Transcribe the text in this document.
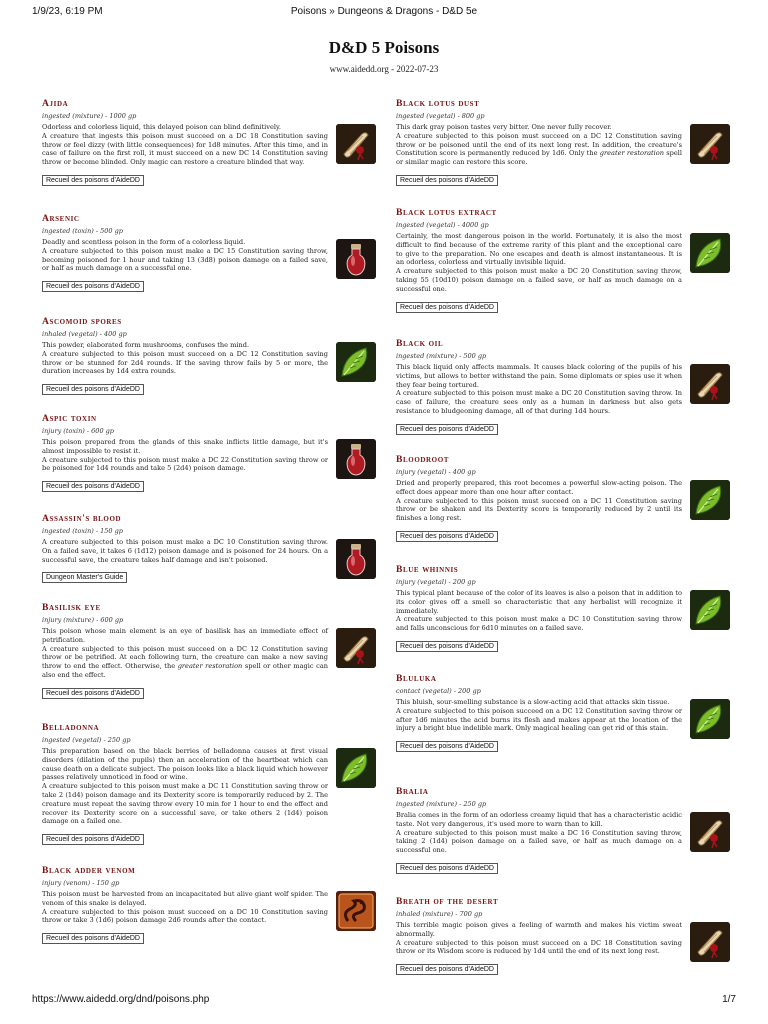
1/9/23, 6:19 PM	Poisons » Dungeons & Dragons - D&D 5e
D&D 5 Poisons
www.aidedd.org - 2022-07-23
Ajida
ingested (mixture) - 1000 gp

Odorless and colorless liquid, this delayed poison can blind definitively.
A creature that ingests this poison must succeed on a DC 18 Constitution saving throw or feel dizzy (with little consequences) for 1d8 minutes. After this time, and in case of failure on the first roll, it must succeed on a new DC 14 Constitution saving throw or become blinded. Only magic can restore a creature blinded that way.

Recueil des poisons d'AideDD
Arsenic
ingested (toxin) - 500 gp

Deadly and scentless poison in the form of a colorless liquid.
A creature subjected to this poison must make a DC 15 Constitution saving throw, becoming poisoned for 1 hour and taking 13 (3d8) poison damage on a failed save, or half as much damage on a successful one.

Recueil des poisons d'AideDD
Ascomoid spores
inhaled (vegetal) - 400 gp

This powder, elaborated form mushrooms, confuses the mind.
A creature subjected to this poison must succeed on a DC 12 Constitution saving throw or be stunned for 2d4 rounds. If the saving throw fails by 5 or more, the duration increases by 1d4 extra rounds.

Recueil des poisons d'AideDD
Aspic toxin
injury (toxin) - 600 gp

This poison prepared from the glands of this snake inflicts little damage, but it's almost impossible to resist it.
A creature subjected to this poison must make a DC 22 Constitution saving throw or be poisoned for 1d4 rounds and take 5 (2d4) poison damage.

Recueil des poisons d'AideDD
Assassin's blood
ingested (toxin) - 150 gp

A creature subjected to this poison must make a DC 10 Constitution saving throw. On a failed save, it takes 6 (1d12) poison damage and is poisoned for 24 hours. On a successful save, the creature takes half damage and isn't poisoned.

Dungeon Master's Guide
Basilisk eye
injury (mixture) - 600 gp

This poison whose main element is an eye of basilisk has an immediate effect of petrification.
A creature subjected to this poison must succeed on a DC 12 Constitution saving throw or be petrified. At each following turn, the creature can make a new saving throw to end the effect. Otherwise, the greater restoration spell or other magic can also end the effect.

Recueil des poisons d'AideDD
Belladonna
ingested (vegetal) - 250 gp

This preparation based on the black berries of belladonna causes at first visual disorders (dilation of the pupils) then an acceleration of the heartbeat which can cause death on a delicate subject. The poison looks like a black liquid which however passes relatively unnoticed in food or wine.
A creature subjected to this poison must make a DC 11 Constitution saving throw or take 2 (1d4) poison damage and its Dexterity score is temporarily reduced by 2. The creature must repeat the saving throw every 10 min for 1 hour to end the effect and recover its Dexterity score on a successful save, or take others 2 (1d4) poison damage on a failed one.

Recueil des poisons d'AideDD
Black adder venom
injury (venom) - 150 gp

This poison must be harvested from an incapacitated but alive giant wolf spider. The venom of this snake is delayed.
A creature subjected to this poison must succeed on a DC 10 Constitution saving throw or take 3 (1d6) poison damage 2d6 rounds after the contact.

Recueil des poisons d'AideDD
Black lotus dust
ingested (vegetal) - 800 gp

This dark gray poison tastes very bitter. One never fully recover.
A creature subjected to this poison must succeed on a DC 12 Constitution saving throw or be poisoned until the end of its next long rest. In addition, the creature's Constitution score is permanently reduced by 1d6. Only the greater restoration spell or similar magic can restore this score.

Recueil des poisons d'AideDD
Black lotus extract
ingested (vegetal) - 4000 gp

Certainly, the most dangerous poison in the world. Fortunately, it is also the most difficult to find because of the extreme rarity of this plant and the exceptional care to give to the preparation. No one escapes and death is almost instantaneous. It is an odorless, colorless and virtually invisible liquid.
A creature subjected to this poison must make a DC 20 Constitution saving throw, taking 55 (10d10) poison damage on a failed save, or half as much damage on a successful one.

Recueil des poisons d'AideDD
Black oil
ingested (mixture) - 500 gp

This black liquid only affects mammals. It causes black coloring of the pupils of his victims, but allows to better withstand the pain. Some diplomats or spies use it when they fear being tortured.
A creature subjected to this poison must make a DC 20 Constitution saving throw. In case of failure, the creature sees only as a human in darkness but also gets resistance to bludgeoning damage, all of that during 1d4 hours.

Recueil des poisons d'AideDD
Bloodroot
injury (vegetal) - 400 gp

Dried and properly prepared, this root becomes a powerful slow-acting poison. The effect does appear more than one hour after contact.
A creature subjected to this poison must succeed on a DC 11 Constitution saving throw or be shaken and its Dexterity score is temporarily reduced by 2 until its finishes a long rest.

Recueil des poisons d'AideDD
Blue whinnis
injury (vegetal) - 200 gp

This typical plant because of the color of its leaves is also a poison that in addition to its color gives off a smell so characteristic that any herbalist will recognize it immediately.
A creature subjected to this poison must make a DC 10 Constitution saving throw and falls unconscious for 6d10 minutes on a failed save.

Recueil des poisons d'AideDD
Bluluka
contact (vegetal) - 200 gp

This bluish, sour-smelling substance is a slow-acting acid that attacks skin tissue.
A creature subjected to this poison succeed on a DC 12 Constitution saving throw or after 1d6 minutes the acid burns its flesh and makes appear at the location of the injury a bright blue indelible mark. Only magical healing can get rid of this stain.

Recueil des poisons d'AideDD
Bralia
ingested (mixture) - 250 gp

Bralia comes in the form of an odorless creamy liquid that has a characteristic acidic taste. Not very dangerous, it's used more to warn than to kill.
A creature subjected to this poison must make a DC 16 Constitution saving throw, taking 2 (1d4) poison damage on a failed save, or half as much damage on a successful one.

Recueil des poisons d'AideDD
Breath of the desert
inhaled (mixture) - 700 gp

This terrible magic poison gives a feeling of warmth and makes his victim sweat abnormally.
A creature subjected to this poison must succeed on a DC 18 Constitution saving throw or its Wisdom score is reduced by 1d4 until the end of its next long rest.

Recueil des poisons d'AideDD
https://www.aidedd.org/dnd/poisons.php	1/7
